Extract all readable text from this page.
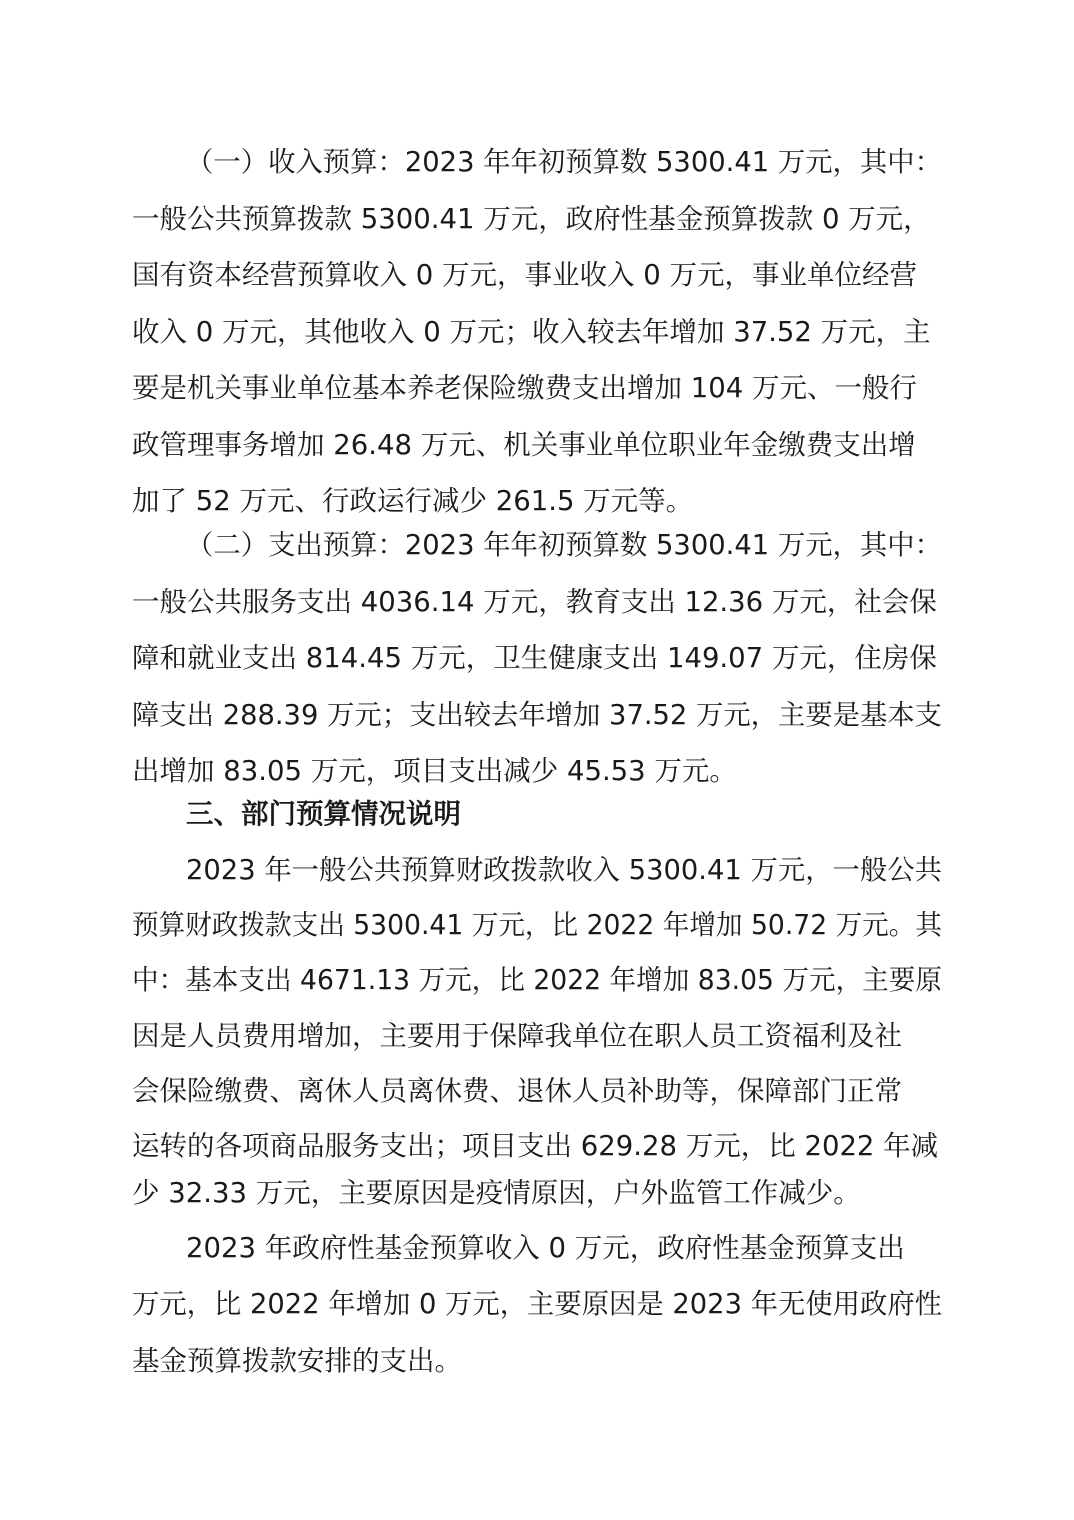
（一）收入预算：2023 年年初预算数 5300.41 万元，其中：
一般公共预算拨款 5300.41 万元，政府性基金预算拨款 0 万元，
国有资本经营预算收入 0 万元，事业收入 0 万元，事业单位经营
收入 0 万元，其他收入 0 万元；收入较去年增加 37.52 万元，主
要是机关事业单位基本养老保险缴费支出增加 104 万元、一般行
政管理事务增加 26.48 万元、机关事业单位职业年金缴费支出增
加了 52 万元、行政运行减少 261.5 万元等。
（二）支出预算：2023 年年初预算数 5300.41 万元，其中：
一般公共服务支出 4036.14 万元，教育支出 12.36 万元，社会保
障和就业支出 814.45 万元，卫生健康支出 149.07 万元，住房保
障支出 288.39 万元；支出较去年增加 37.52 万元，主要是基本支
出增加 83.05 万元，项目支出减少 45.53 万元。
三、部门预算情况说明
2023 年一般公共预算财政拨款收入 5300.41 万元，一般公共
预算财政拨款支出 5300.41 万元，比 2022 年增加 50.72 万元。其
中：基本支出 4671.13 万元，比 2022 年增加 83.05 万元，主要原
因是人员费用增加，主要用于保障我单位在职人员工资福利及社
会保险缴费、离休人员离休费、退休人员补助等，保障部门正常
运转的各项商品服务支出；项目支出 629.28 万元，比 2022 年减
少 32.33 万元，主要原因是疫情原因，户外监管工作减少。
2023 年政府性基金预算收入 0 万元，政府性基金预算支出
万元，比 2022 年增加 0 万元，主要原因是 2023 年无使用政府性
基金预算拨款安排的支出。
